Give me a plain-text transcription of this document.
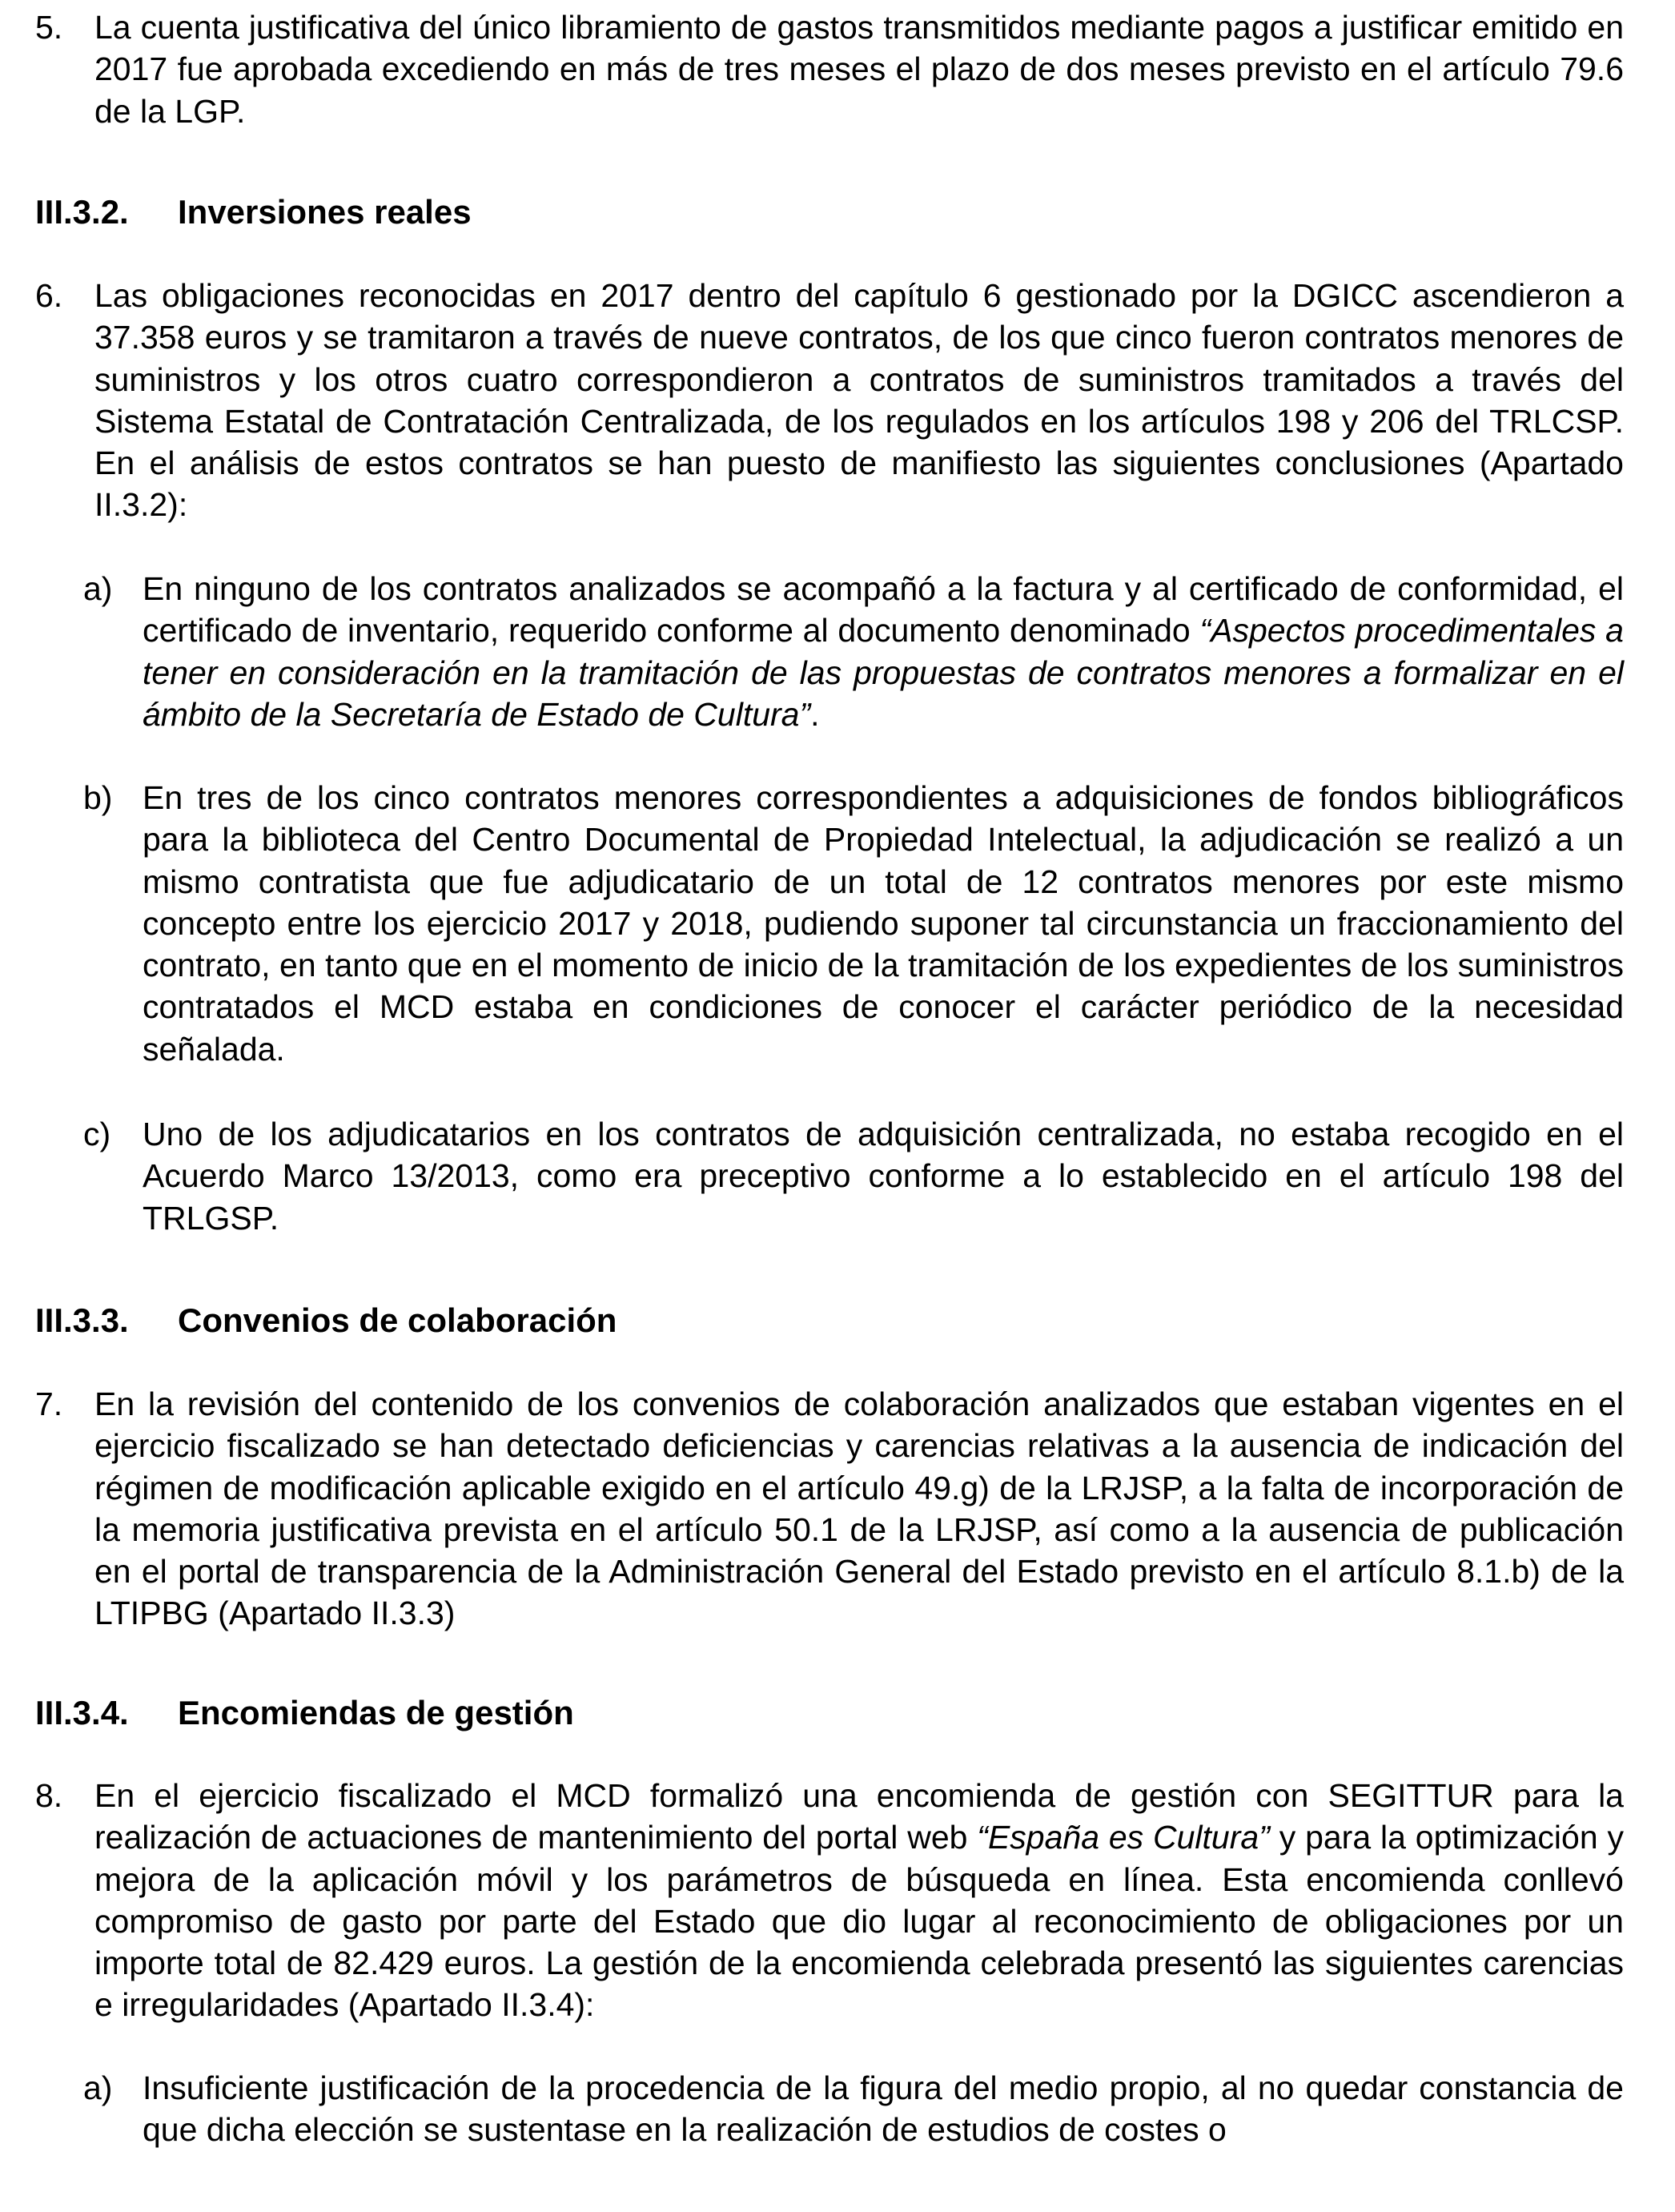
5. La cuenta justificativa del único libramiento de gastos transmitidos mediante pagos a justificar emitido en 2017 fue aprobada excediendo en más de tres meses el plazo de dos meses previsto en el artículo 79.6 de la LGP.

III.3.2. Inversiones reales
6. Las obligaciones reconocidas en 2017 dentro del capítulo 6 gestionado por la DGICC ascendieron a 37.358 euros y se tramitaron a través de nueve contratos, de los que cinco fueron contratos menores de suministros y los otros cuatro correspondieron a contratos de suministros tramitados a través del Sistema Estatal de Contratación Centralizada, de los regulados en los artículos 198 y 206 del TRLCSP. En el análisis de estos contratos se han puesto de manifiesto las siguientes conclusiones (Apartado II.3.2):

a) En ninguno de los contratos analizados se acompañó a la factura y al certificado de conformidad, el certificado de inventario, requerido conforme al documento denominado “Aspectos procedimentales a tener en consideración en la tramitación de las propuestas de contratos menores a formalizar en el ámbito de la Secretaría de Estado de Cultura”.

b) En tres de los cinco contratos menores correspondientes a adquisiciones de fondos bibliográficos para la biblioteca del Centro Documental de Propiedad Intelectual, la adjudicación se realizó a un mismo contratista que fue adjudicatario de un total de 12 contratos menores por este mismo concepto entre los ejercicio 2017 y 2018, pudiendo suponer tal circunstancia un fraccionamiento del contrato, en tanto que en el momento de inicio de la tramitación de los expedientes de los suministros contratados el MCD estaba en condiciones de conocer el carácter periódico de la necesidad señalada.

c) Uno de los adjudicatarios en los contratos de adquisición centralizada, no estaba recogido en el Acuerdo Marco 13/2013, como era preceptivo conforme a lo establecido en el artículo 198 del TRLGSP.

III.3.3. Convenios de colaboración
7. En la revisión del contenido de los convenios de colaboración analizados que estaban vigentes en el ejercicio fiscalizado se han detectado deficiencias y carencias relativas a la ausencia de indicación del régimen de modificación aplicable exigido en el artículo 49.g) de la LRJSP, a la falta de incorporación de la memoria justificativa prevista en el artículo 50.1 de la LRJSP, así como a la ausencia de publicación en el portal de transparencia de la Administración General del Estado previsto en el artículo 8.1.b) de la LTIPBG (Apartado II.3.3)

III.3.4. Encomiendas de gestión
8. En el ejercicio fiscalizado el MCD formalizó una encomienda de gestión con SEGITTUR para la realización de actuaciones de mantenimiento del portal web “España es Cultura” y para la optimización y mejora de la aplicación móvil y los parámetros de búsqueda en línea. Esta encomienda conllevó compromiso de gasto por parte del Estado que dio lugar al reconocimiento de obligaciones por un importe total de 82.429 euros. La gestión de la encomienda celebrada presentó las siguientes carencias e irregularidades (Apartado II.3.4):

a) Insuficiente justificación de la procedencia de la figura del medio propio, al no quedar constancia de que dicha elección se sustentase en la realización de estudios de costes o
